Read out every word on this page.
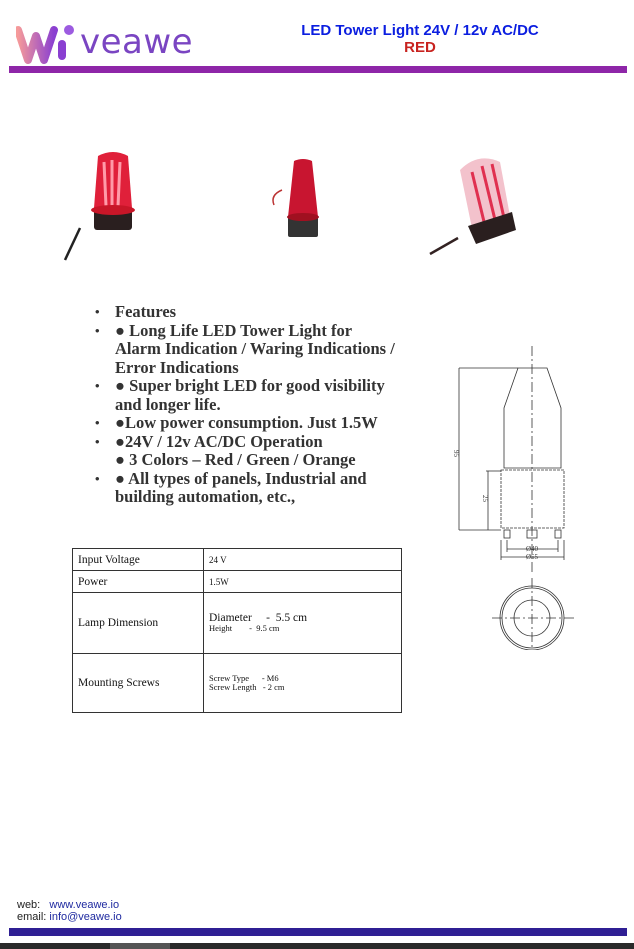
veawe	LED Tower Light 24V / 12v AC/DC
RED
• Features
• ● Long Life LED Tower Light for Alarm Indication / Waring Indications / Error Indications
• ● Super bright LED for good visibility and longer life.
• ●Low power consumption. Just 1.5W
• ●24V / 12v AC/DC Operation
● 3 Colors – Red / Green / Orange
• ● All types of panels, Industrial and building automation, etc.,
Input Voltage	24 V
Power	1.5W
Lamp Dimension	Diameter     -  5.5 cm
Height        -  9.5 cm

Mounting Screws	Screw Type      - M6
Screw Length   - 2 cm

95
25
Ø40
Ø55
web: www.veawe.io
email: info@veawe.io
